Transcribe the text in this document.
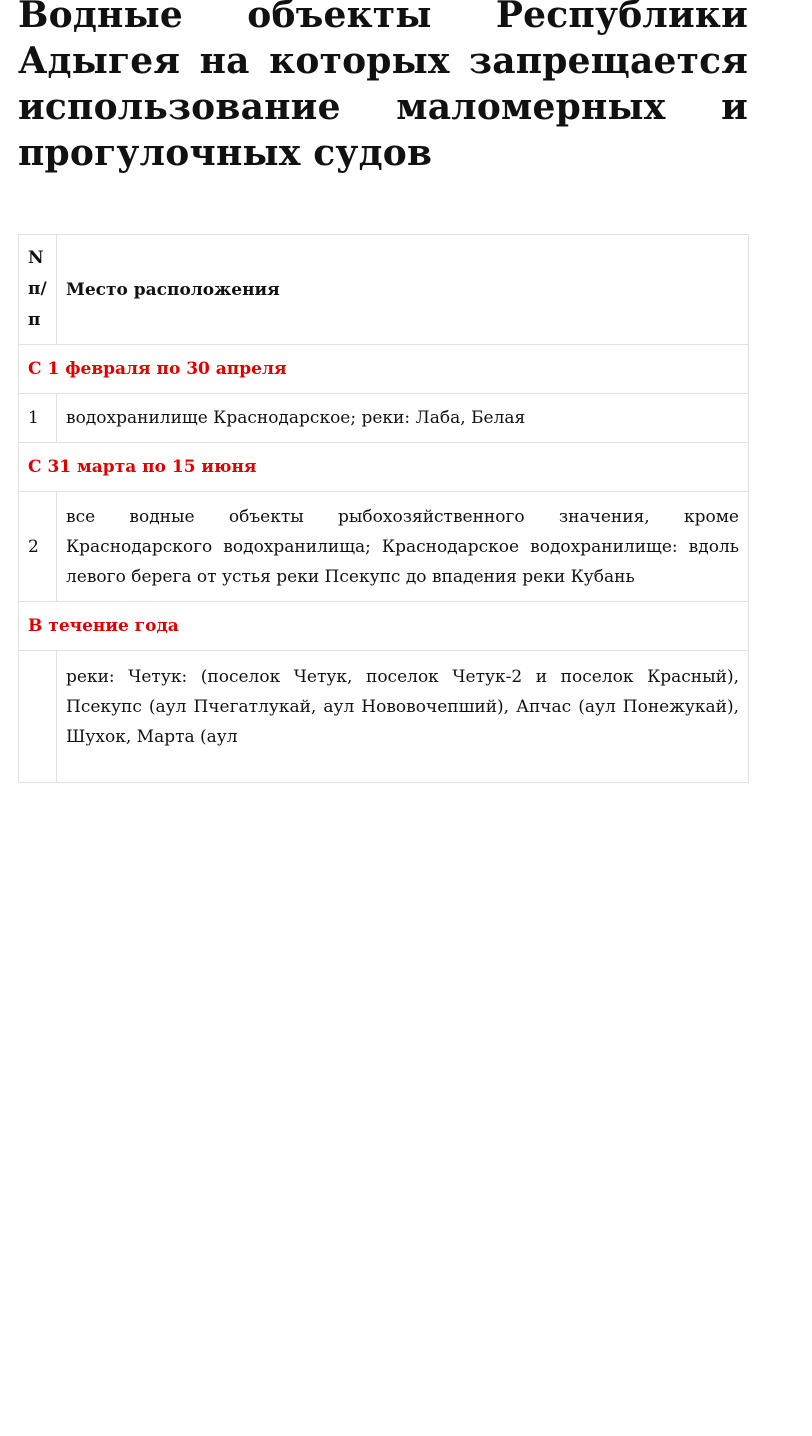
Водные объекты Республики Адыгея на которых запрещается использование маломерных и прогулочных судов
N п/п	Место расположения
С 1 февраля по 30 апреля	
1	водохранилище Краснодарское; реки: Лаба, Белая
С 31 марта по 15 июня	
2	все водные объекты рыбохозяйственного значения, кроме Краснодарского водохранилища; Краснодарское водохранилище: вдоль левого берега от устья реки Псекупс до впадения реки Кубань
В течение года	
	реки: Четук: (поселок Четук, поселок Четук-2 и поселок Красный), Псекупс (аул Пчегатлукай, аул Нововочепший), Апчас (аул Понежукай), Шухок, Марта (аул
